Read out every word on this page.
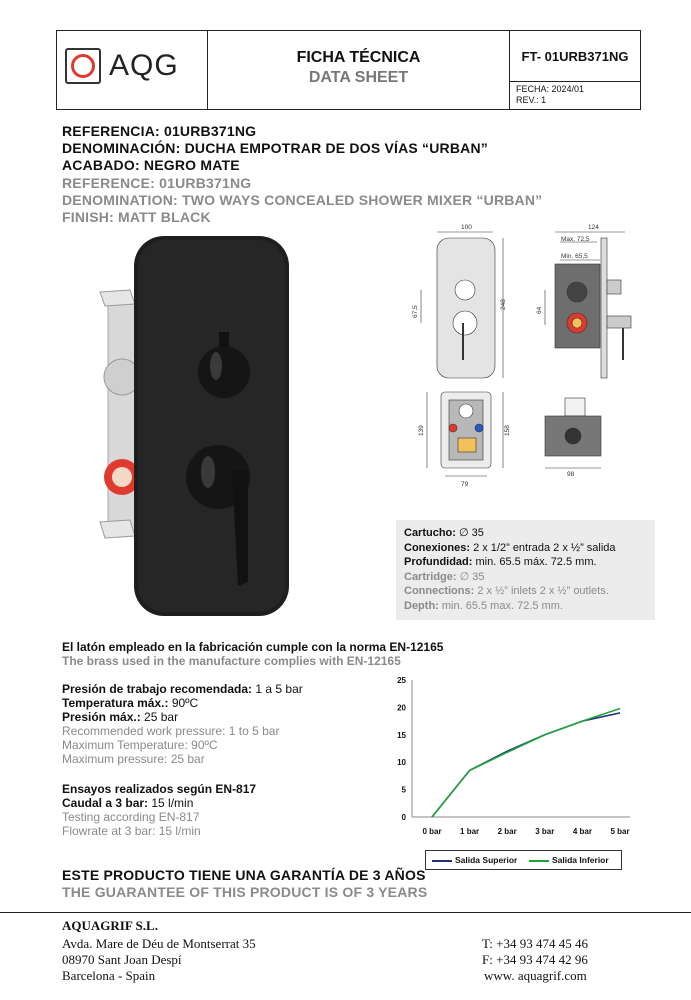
AQG	FICHA TÉCNICA
DATA SHEET
FT- 01URB371NG
FECHA: 2024/01
REV.: 1
REFERENCIA: 01URB371NG
DENOMINACIÓN: DUCHA EMPOTRAR DE DOS VÍAS “URBAN”
ACABADO: NEGRO MATE
REFERENCE: 01URB371NG
DENOMINATION: TWO WAYS CONCEALED SHOWER MIXER “URBAN”
FINISH: MATT BLACK
100
248
67,5
124
Max. 72,5
Min. 65,5
64
139	158
79
98
Cartucho: ∅ 35
Conexiones: 2 x 1/2” entrada 2 x ½” salida
Profundidad: min. 65.5 máx. 72.5 mm.
Cartridge: ∅ 35
Connections: 2 x ½” inlets 2 x ½” outlets.
Depth: min. 65.5 max. 72.5 mm.
El latón empleado en la fabricación cumple con la norma EN-12165
The brass used in the manufacture complies with EN-12165
Presión de trabajo recomendada: 1 a 5 bar
Temperatura máx.: 90ºC
Presión máx.: 25 bar
Recommended work pressure: 1 to 5 bar
Maximum Temperature: 90ºC
Maximum pressure: 25 bar
Ensayos realizados según EN-817
Caudal a 3 bar: 15 l/min
Testing according EN-817
Flowrate at 3 bar: 15 l/min
0
5
10
15
20
25
0 bar 1 bar 2 bar 3 bar 4 bar 5 bar
Salida Superior	Salida Inferior
ESTE PRODUCTO TIENE UNA GARANTÍA DE 3 AÑOS
THE GUARANTEE OF THIS PRODUCT IS OF 3 YEARS
AQUAGRIF S.L.
Avda. Mare de Déu de Montserrat 35
08970 Sant Joan Despí
Barcelona - Spain
T: +34 93 474 45 46
F: +34 93 474 42 96
www. aquagrif.com
